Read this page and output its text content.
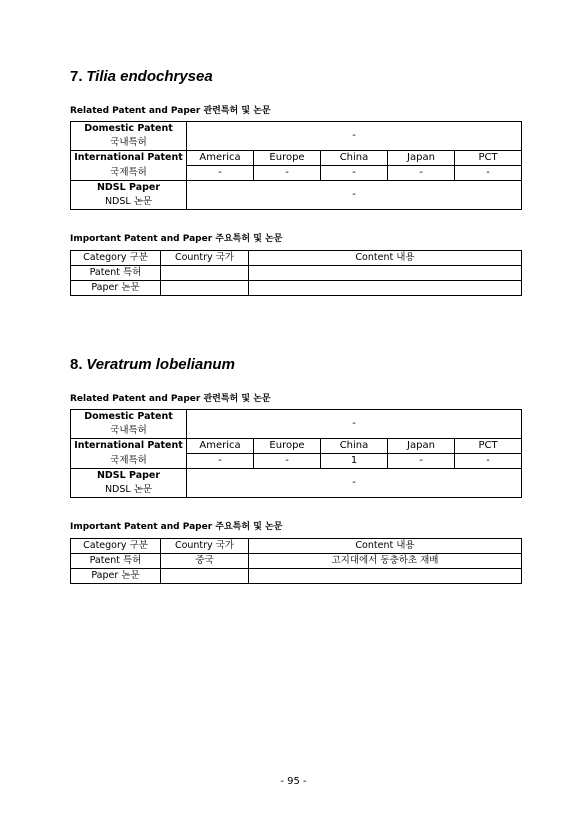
7. Tilia endochrysea
Related Patent and Paper 관련특허 및 논문
Domestic Patent	-				
국내특허					
International Patent	America	Europe	China	Japan	PCT
국제특허	-	-	-	-	-
NDSL Paper	-				
NDSL 논문					
Important Patent and Paper 주요특허 및 논문
Category 구분	Country 국가	Content 내용
Patent 특허		
Paper 논문		
8. Veratrum lobelianum
Related Patent and Paper 관련특허 및 논문
Domestic Patent	-				
국내특허					
International Patent	America	Europe	China	Japan	PCT
국제특허	-	-	1	-	-
NDSL Paper	-				
NDSL 논문					
Important Patent and Paper 주요특허 및 논문
Category 구분	Country 국가	Content 내용
Patent 특허	중국	고지대에서 동충하초 재배
Paper 논문		
- 95 -
